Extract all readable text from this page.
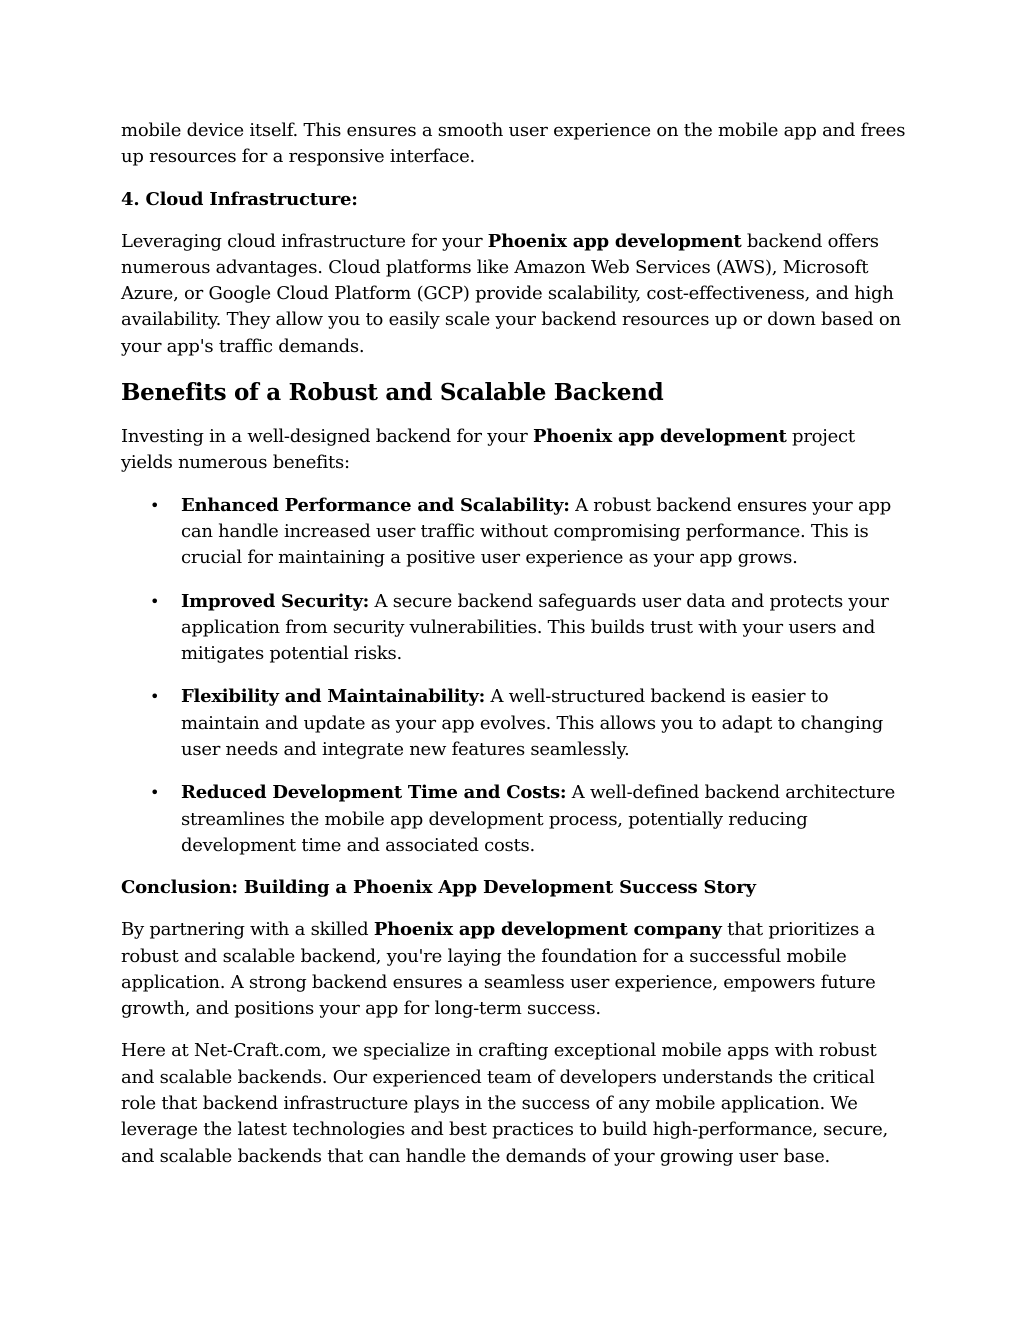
mobile device itself. This ensures a smooth user experience on the mobile app and frees up resources for a responsive interface.

4. Cloud Infrastructure:

Leveraging cloud infrastructure for your Phoenix app development backend offers numerous advantages. Cloud platforms like Amazon Web Services (AWS), Microsoft Azure, or Google Cloud Platform (GCP) provide scalability, cost-effectiveness, and high availability. They allow you to easily scale your backend resources up or down based on your app's traffic demands.

Benefits of a Robust and Scalable Backend

Investing in a well-designed backend for your Phoenix app development project yields numerous benefits:

• Enhanced Performance and Scalability: A robust backend ensures your app can handle increased user traffic without compromising performance. This is crucial for maintaining a positive user experience as your app grows.
• Improved Security: A secure backend safeguards user data and protects your application from security vulnerabilities. This builds trust with your users and mitigates potential risks.
• Flexibility and Maintainability: A well-structured backend is easier to maintain and update as your app evolves. This allows you to adapt to changing user needs and integrate new features seamlessly.
• Reduced Development Time and Costs: A well-defined backend architecture streamlines the mobile app development process, potentially reducing development time and associated costs.
Conclusion: Building a Phoenix App Development Success Story

By partnering with a skilled Phoenix app development company that prioritizes a robust and scalable backend, you're laying the foundation for a successful mobile application. A strong backend ensures a seamless user experience, empowers future growth, and positions your app for long-term success.

Here at Net-Craft.com, we specialize in crafting exceptional mobile apps with robust and scalable backends. Our experienced team of developers understands the critical role that backend infrastructure plays in the success of any mobile application. We leverage the latest technologies and best practices to build high-performance, secure, and scalable backends that can handle the demands of your growing user base.
